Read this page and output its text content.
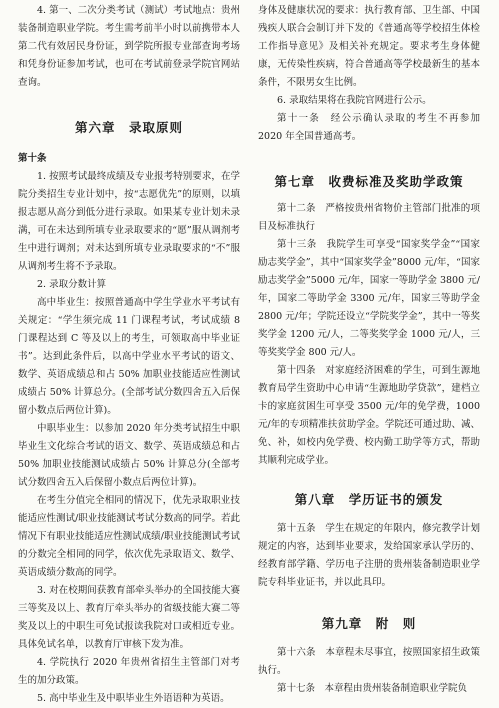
4. 第一、二次分类考试（测试）考试地点：贵州装备制造职业学院。考生需考前半小时以前携带本人第二代有效居民身份证，到学院所报专业部查询考场和凭身份证参加考试，也可在考试前登录学院官网站查询。

第六章　录取原则

第十条

1. 按照考试最终成绩及专业报考特别要求，在学院分类招生专业计划中，按“志愿优先”的原则，以填报志愿从高分到低分进行录取。如果某专业计划未录满，可在未达到所填专业录取要求的“愿”服从调剂考生中进行调剂；对未达到所填专业录取要求的“不”服从调剂考生将不予录取。

2. 录取分数计算

高中毕业生：按照普通高中学生学业水平考试有关规定：“学生须完成 11 门课程考试，考试成绩 8 门课程达到 C 等及以上的考生，可领取高中毕业证书”。达到此条件后，以高中学业水平考试的语文、数学、英语成绩总和占 50% 加职业技能适应性测试成绩占 50% 计算总分。(全部考试分数四舍五入后保留小数点后两位计算)。

中职毕业生：以参加 2020 年分类考试招生中职毕业生文化综合考试的语文、数学、英语成绩总和占 50% 加职业技能测试成绩占 50% 计算总分(全部考试分数四舍五入后保留小数点后两位计算)。

在考生分值完全相同的情况下，优先录取职业技能适应性测试/职业技能测试考试分数高的同学。若此情况下有职业技能适应性测试成绩/职业技能测试考试的分数完全相同的同学，依次优先录取语文、数学、英语成绩分数高的同学。

3. 对在校期间获教育部牵头举办的全国技能大赛三等奖及以上、教育厅牵头举办的省级技能大赛二等奖及以上的中职生可免试报读我院对口或相近专业。具体免试名单，以教育厅审核下发为准。

4. 学院执行 2020 年贵州省招生主管部门对考生的加分政策。

5. 高中毕业生及中职毕业生外语语种为英语。

身体及健康状况的要求：执行教育部、卫生部、中国残疾人联合会制订并下发的《普通高等学校招生体检工作指导意见》及相关补充规定。要求考生身体健康，无传染性疾病，符合普通高等学校最新生的基本条件，不限男女生比例。

6. 录取结果将在我院官网进行公示。

第十一条　经公示确认录取的考生不再参加 2020 年全国普通高考。

第七章　收费标准及奖助学政策

第十二条　严格按贵州省物价主管部门批准的项目及标准执行

第十三条　我院学生可享受“国家奖学金”“国家励志奖学金”，其中“国家奖学金”8000 元/年，“国家励志奖学金”5000 元/年，国家一等助学金 3800 元/年，国家二等助学金 3300 元/年，国家三等助学金 2800 元/年；学院还设立“学院奖学金”，其中一等奖奖学金 1200 元/人，二等奖奖学金 1000 元/人，三等奖奖学金 800 元/人。

第十四条　对家庭经济困难的学生，可到生源地教育局学生资助中心申请“生源地助学贷款”，建档立卡的家庭贫困生可享受 3500 元/年的免学费，1000 元/年的专项精准扶贫助学金。学院还可通过助、减、免、补，如校内免学费、校内勤工助学等方式，帮助其顺利完成学业。

第八章　学历证书的颁发

第十五条　学生在规定的年限内，修完教学计划规定的内容，达到毕业要求，发给国家承认学历的、经教育部学籍、学历电子注册的贵州装备制造职业学院专科毕业证书，并以此具印。

第九章　附　则

第十六条　本章程未尽事宜，按照国家招生政策执行。

第十七条　本章程由贵州装备制造职业学院负
